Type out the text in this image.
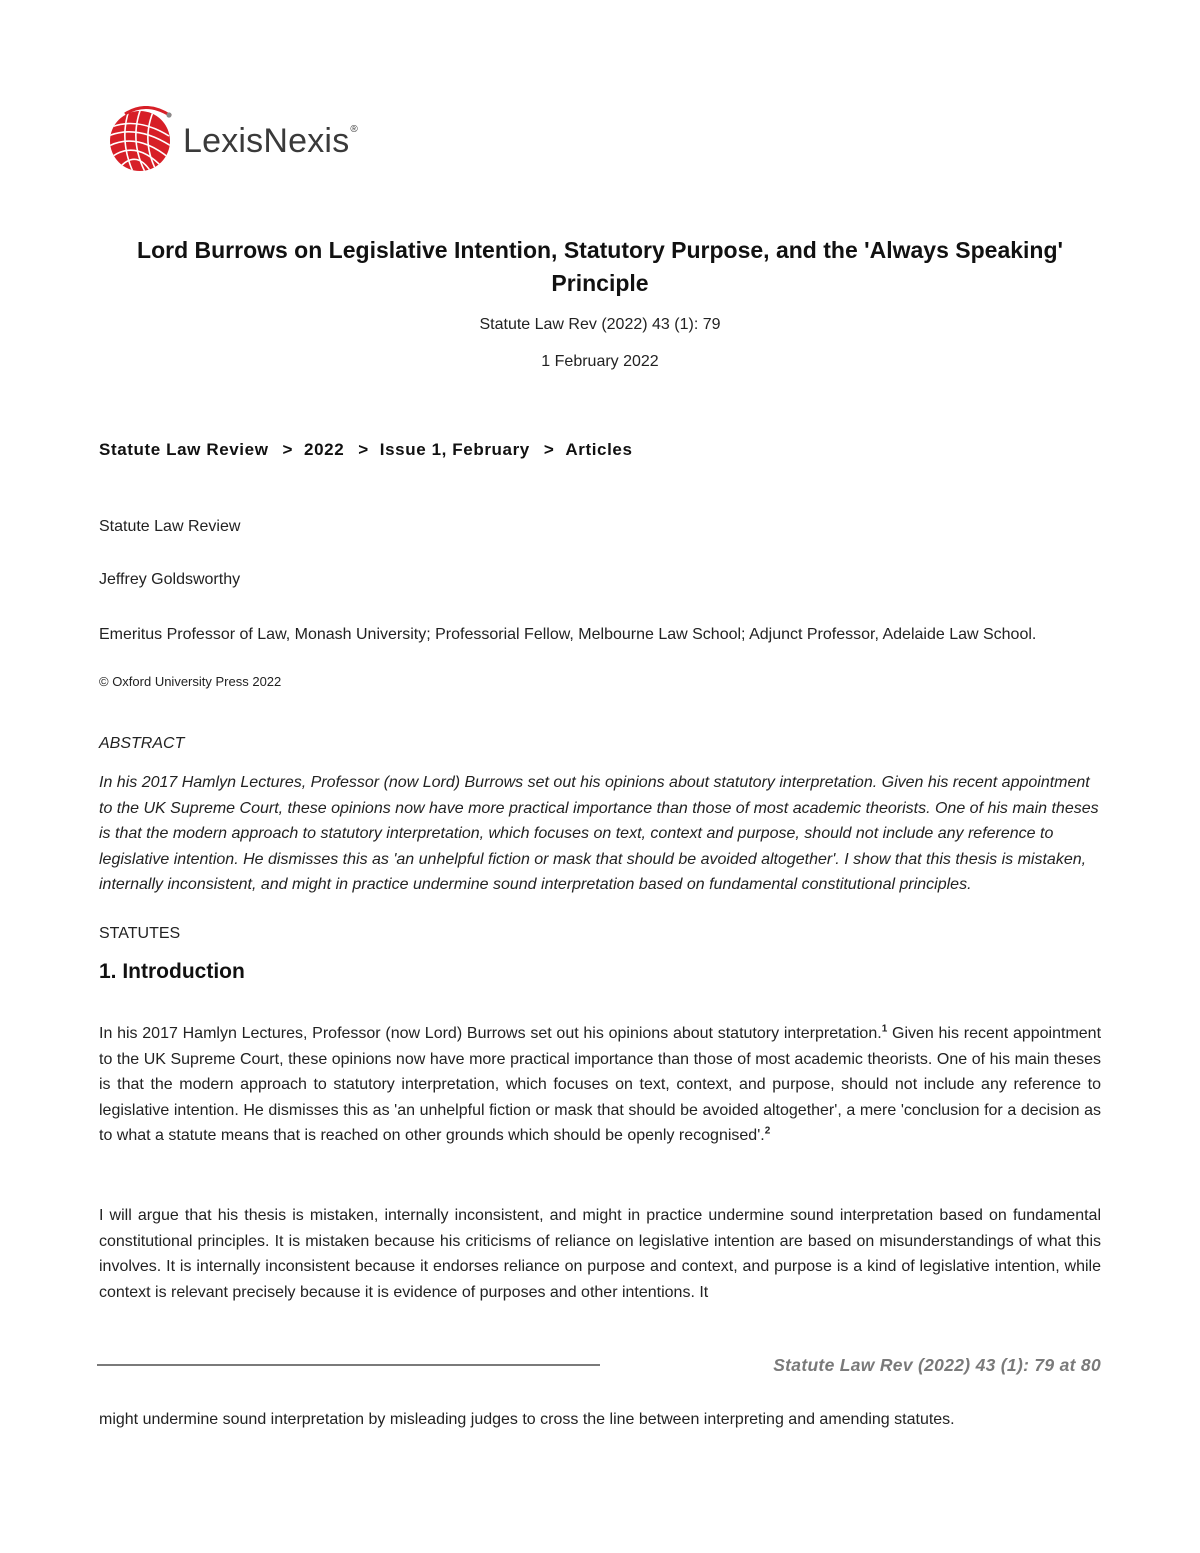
LexisNexis®
Lord Burrows on Legislative Intention, Statutory Purpose, and the 'Always Speaking' Principle
Statute Law Rev (2022) 43 (1): 79
1 February 2022
Statute Law Review > 2022 > Issue 1, February > Articles
Statute Law Review
Jeffrey Goldsworthy
Emeritus Professor of Law, Monash University; Professorial Fellow, Melbourne Law School; Adjunct Professor, Adelaide Law School.
© Oxford University Press 2022
ABSTRACT
In his 2017 Hamlyn Lectures, Professor (now Lord) Burrows set out his opinions about statutory interpretation. Given his recent appointment to the UK Supreme Court, these opinions now have more practical importance than those of most academic theorists. One of his main theses is that the modern approach to statutory interpretation, which focuses on text, context and purpose, should not include any reference to legislative intention. He dismisses this as 'an unhelpful fiction or mask that should be avoided altogether'. I show that this thesis is mistaken, internally inconsistent, and might in practice undermine sound interpretation based on fundamental constitutional principles.
STATUTES
1. Introduction
In his 2017 Hamlyn Lectures, Professor (now Lord) Burrows set out his opinions about statutory interpretation.$^1$ Given his recent appointment to the UK Supreme Court, these opinions now have more practical importance than those of most academic theorists. One of his main theses is that the modern approach to statutory interpretation, which focuses on text, context, and purpose, should not include any reference to legislative intention. He dismisses this as 'an unhelpful fiction or mask that should be avoided altogether', a mere 'conclusion for a decision as to what a statute means that is reached on other grounds which should be openly recognised'.$^2$
I will argue that his thesis is mistaken, internally inconsistent, and might in practice undermine sound interpretation based on fundamental constitutional principles. It is mistaken because his criticisms of reliance on legislative intention are based on misunderstandings of what this involves. It is internally inconsistent because it endorses reliance on purpose and context, and purpose is a kind of legislative intention, while context is relevant precisely because it is evidence of purposes and other intentions. It
Statute Law Rev (2022) 43 (1): 79 at 80
might undermine sound interpretation by misleading judges to cross the line between interpreting and amending statutes.
